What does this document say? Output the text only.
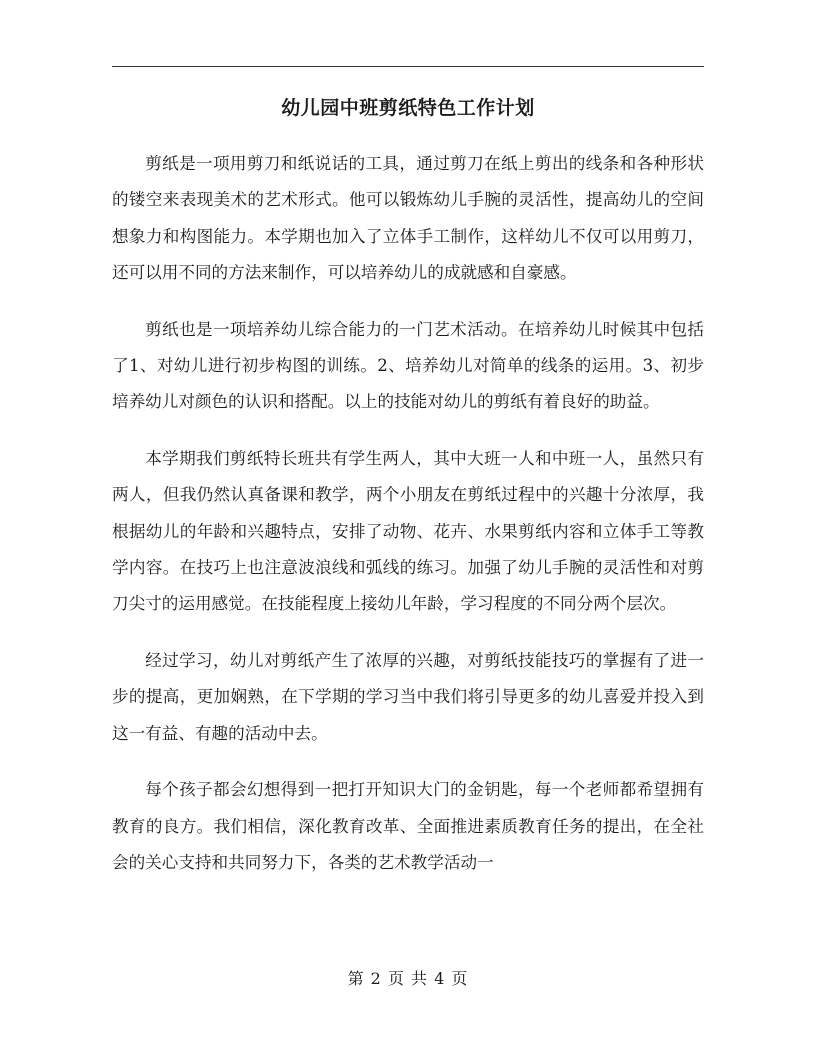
幼儿园中班剪纸特色工作计划

剪纸是一项用剪刀和纸说话的工具，通过剪刀在纸上剪出的线条和各种形状的镂空来表现美术的艺术形式。他可以锻炼幼儿手腕的灵活性，提高幼儿的空间想象力和构图能力。本学期也加入了立体手工制作，这样幼儿不仅可以用剪刀，还可以用不同的方法来制作，可以培养幼儿的成就感和自豪感。

剪纸也是一项培养幼儿综合能力的一门艺术活动。在培养幼儿时候其中包括了1、对幼儿进行初步构图的训练。2、培养幼儿对简单的线条的运用。3、初步培养幼儿对颜色的认识和搭配。以上的技能对幼儿的剪纸有着良好的助益。

本学期我们剪纸特长班共有学生两人，其中大班一人和中班一人，虽然只有两人，但我仍然认真备课和教学，两个小朋友在剪纸过程中的兴趣十分浓厚，我根据幼儿的年龄和兴趣特点，安排了动物、花卉、水果剪纸内容和立体手工等教学内容。在技巧上也注意波浪线和弧线的练习。加强了幼儿手腕的灵活性和对剪刀尖寸的运用感觉。在技能程度上接幼儿年龄，学习程度的不同分两个层次。

经过学习，幼儿对剪纸产生了浓厚的兴趣，对剪纸技能技巧的掌握有了进一步的提高，更加娴熟，在下学期的学习当中我们将引导更多的幼儿喜爱并投入到这一有益、有趣的活动中去。

每个孩子都会幻想得到一把打开知识大门的金钥匙，每一个老师都希望拥有教育的良方。我们相信，深化教育改革、全面推进素质教育任务的提出，在全社会的关心支持和共同努力下，各类的艺术教学活动一

第 2 页 共 4 页
